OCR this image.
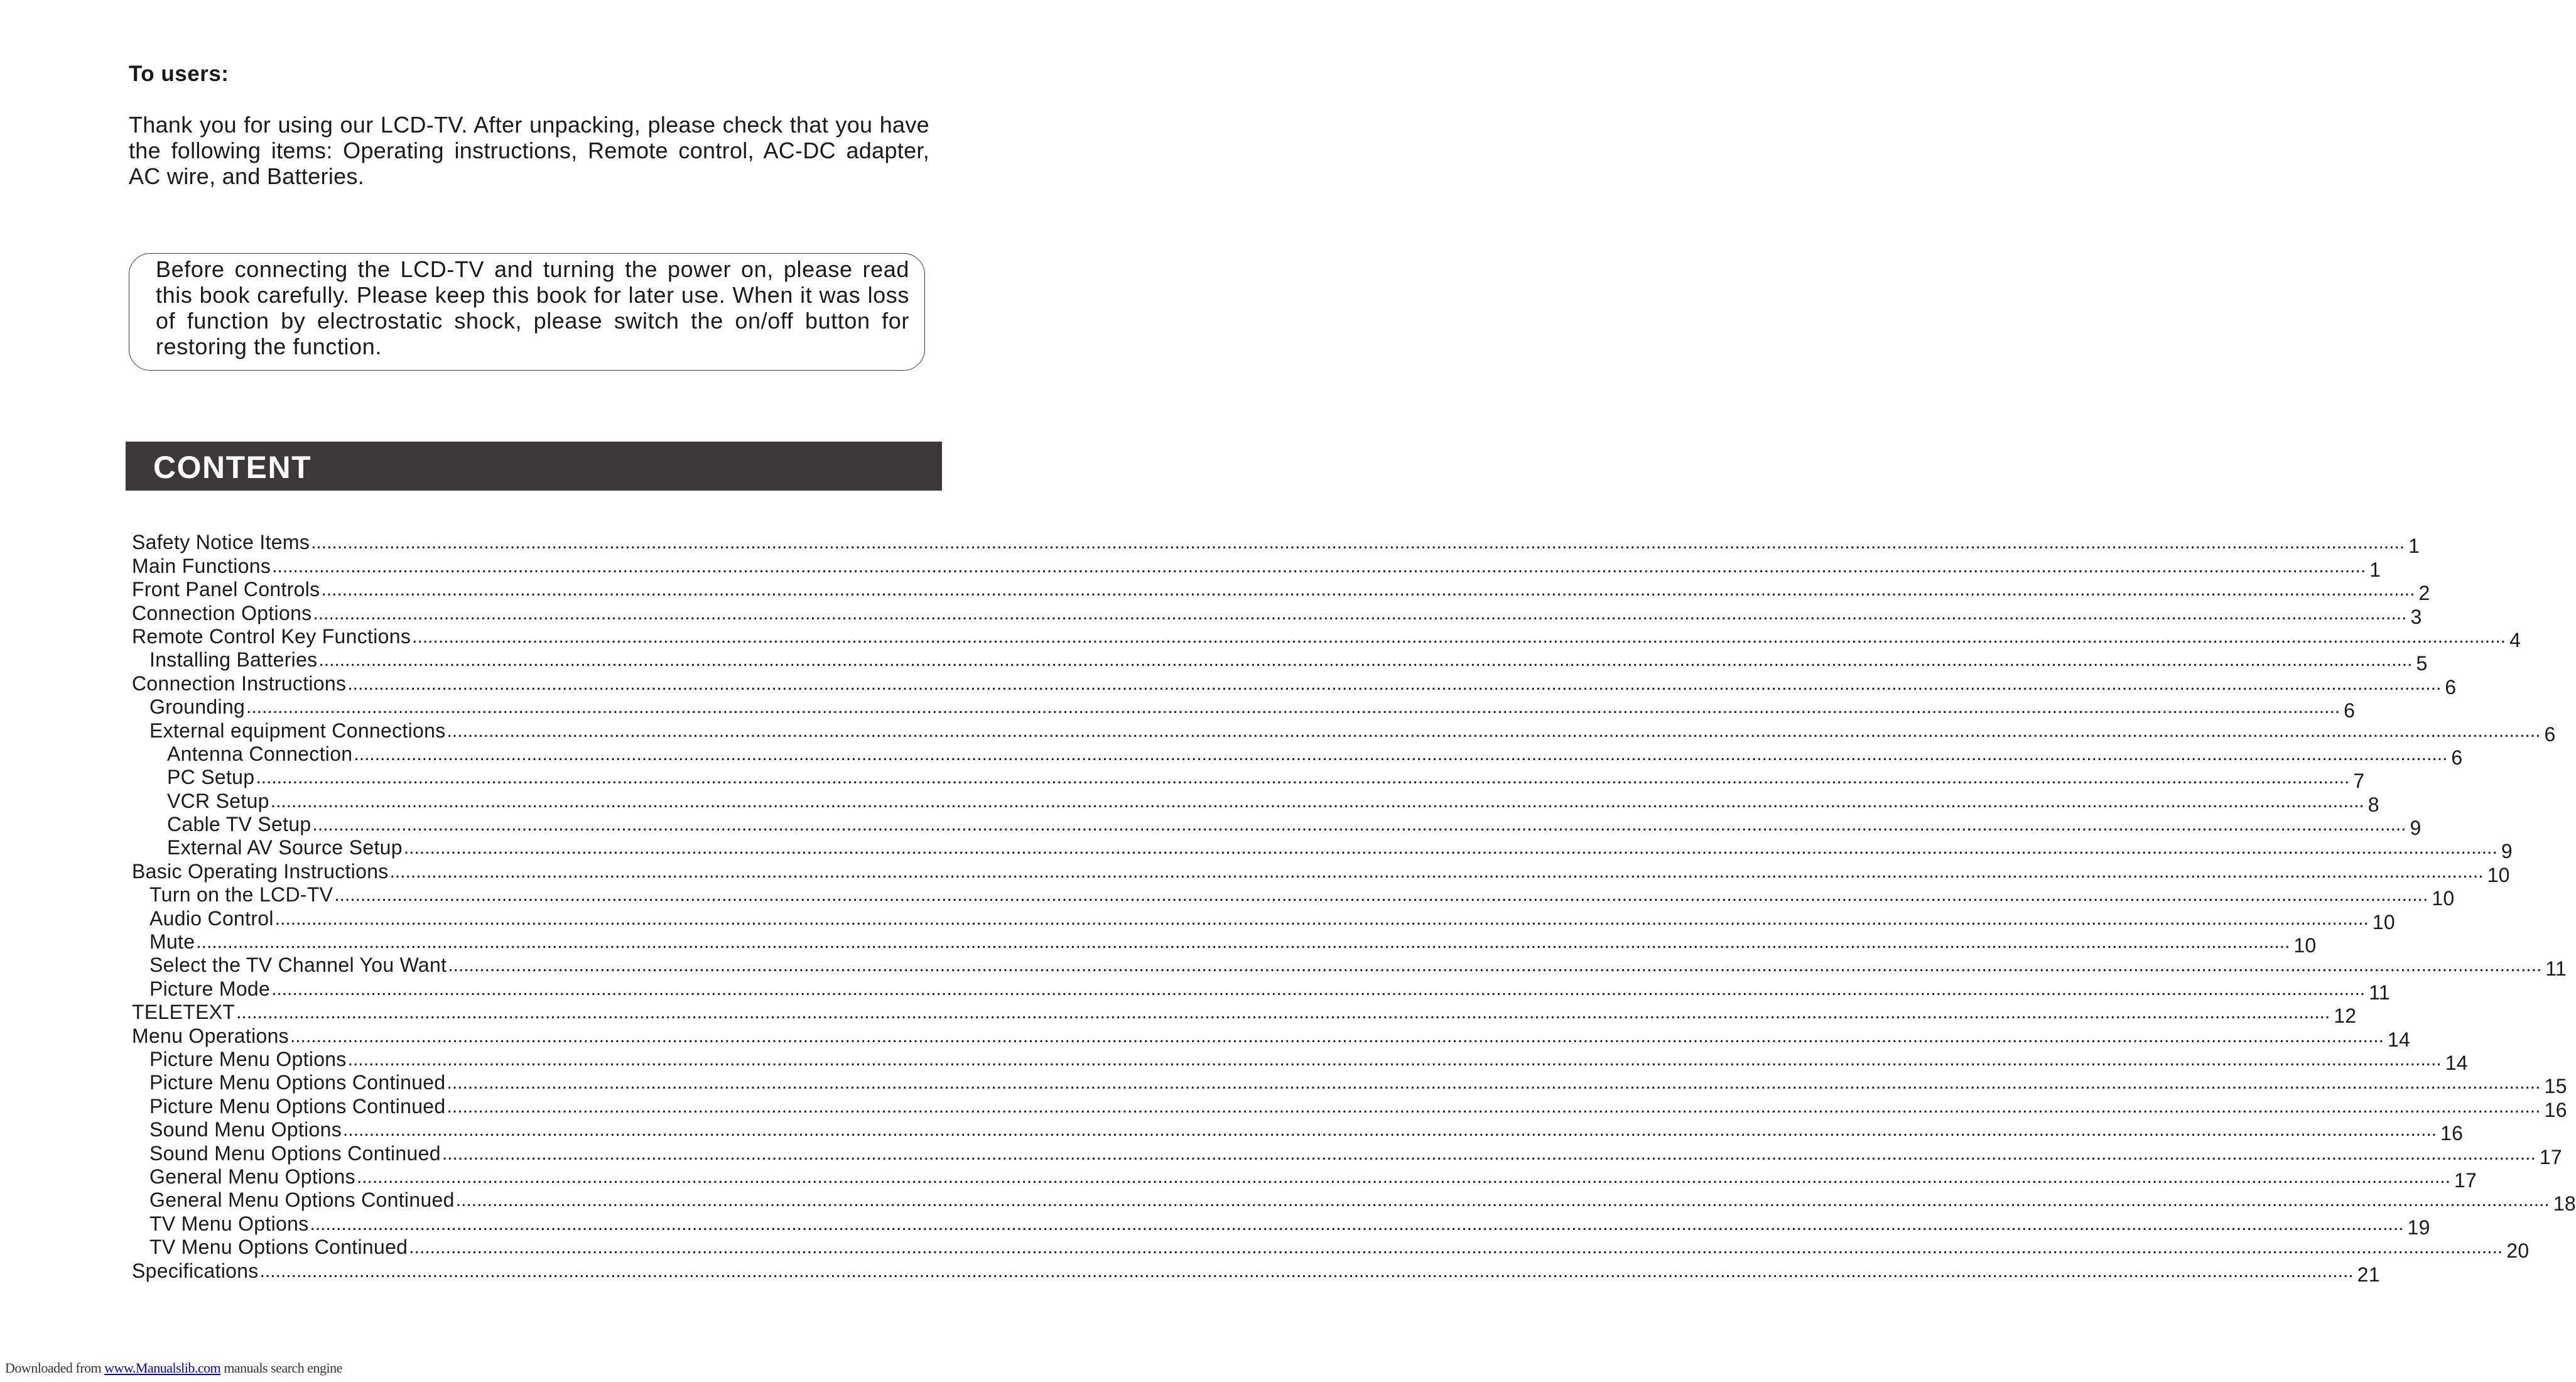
To users:
Thank you for using our LCD-TV. After unpacking, please check that you have the following items: Operating instructions, Remote control, AC-DC adapter, AC wire, and Batteries.
Before connecting the LCD-TV and turning the power on, please read this book carefully. Please keep this book for later use. When it was loss of function by electrostatic shock, please switch the on/off button for restoring the function.
CONTENT
Safety Notice Items ................................................................................................................................................................................................................................................................................................................................................................................................................ 1
Main Functions ................................................................................................................................................................................................................................................................................................................................................................................................................ 1
Front Panel Controls ................................................................................................................................................................................................................................................................................................................................................................................................................ 2
Connection Options ................................................................................................................................................................................................................................................................................................................................................................................................................ 3
Remote Control Key Functions ................................................................................................................................................................................................................................................................................................................................................................................................................ 4
Installing Batteries ................................................................................................................................................................................................................................................................................................................................................................................................................ 5
Connection Instructions ................................................................................................................................................................................................................................................................................................................................................................................................................ 6
Grounding ................................................................................................................................................................................................................................................................................................................................................................................................................ 6
External equipment Connections ................................................................................................................................................................................................................................................................................................................................................................................................................ 6
Antenna Connection ................................................................................................................................................................................................................................................................................................................................................................................................................ 6
PC Setup ................................................................................................................................................................................................................................................................................................................................................................................................................ 7
VCR Setup ................................................................................................................................................................................................................................................................................................................................................................................................................ 8
Cable TV Setup ................................................................................................................................................................................................................................................................................................................................................................................................................ 9
External AV Source Setup ................................................................................................................................................................................................................................................................................................................................................................................................................ 9
Basic Operating Instructions ................................................................................................................................................................................................................................................................................................................................................................................................................ 10
Turn on the LCD-TV ................................................................................................................................................................................................................................................................................................................................................................................................................ 10
Audio Control ................................................................................................................................................................................................................................................................................................................................................................................................................ 10
Mute ................................................................................................................................................................................................................................................................................................................................................................................................................ 10
Select the TV Channel You Want ................................................................................................................................................................................................................................................................................................................................................................................................................ 11
Picture Mode ................................................................................................................................................................................................................................................................................................................................................................................................................ 11
TELETEXT ................................................................................................................................................................................................................................................................................................................................................................................................................ 12
Menu Operations ................................................................................................................................................................................................................................................................................................................................................................................................................ 14
Picture Menu Options ................................................................................................................................................................................................................................................................................................................................................................................................................ 14
Picture Menu Options Continued ................................................................................................................................................................................................................................................................................................................................................................................................................ 15
Picture Menu Options Continued ................................................................................................................................................................................................................................................................................................................................................................................................................ 16
Sound Menu Options ................................................................................................................................................................................................................................................................................................................................................................................................................ 16
Sound Menu Options Continued ................................................................................................................................................................................................................................................................................................................................................................................................................ 17
General Menu Options ................................................................................................................................................................................................................................................................................................................................................................................................................ 17
General Menu Options Continued ................................................................................................................................................................................................................................................................................................................................................................................................................ 18
TV Menu Options ................................................................................................................................................................................................................................................................................................................................................................................................................ 19
TV Menu Options Continued ................................................................................................................................................................................................................................................................................................................................................................................................................ 20
Specifications ................................................................................................................................................................................................................................................................................................................................................................................................................ 21
Downloaded from www.Manualslib.com manuals search engine
